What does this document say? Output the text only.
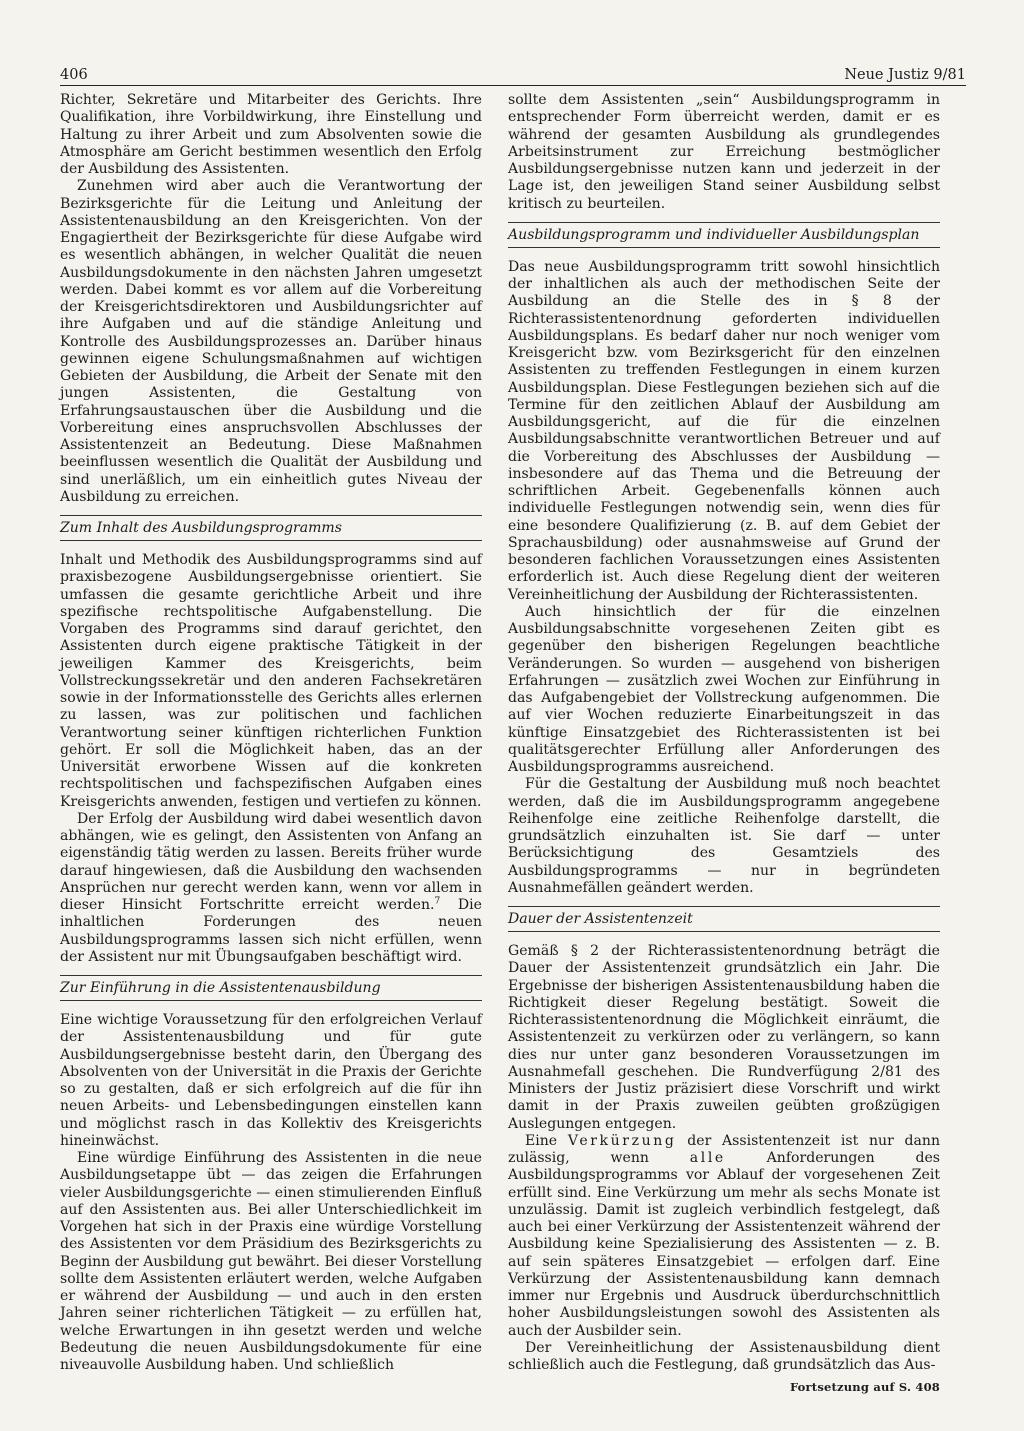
406	Neue Justiz 9/81

Richter, Sekretäre und Mitarbeiter des Gerichts. Ihre Qualifikation, ihre Vorbildwirkung, ihre Einstellung und Haltung zu ihrer Arbeit und zum Absolventen sowie die Atmosphäre am Gericht bestimmen wesentlich den Erfolg der Ausbildung des Assistenten.

Zunehmen wird aber auch die Verantwortung der Bezirksgerichte für die Leitung und Anleitung der Assistentenausbildung an den Kreisgerichten. Von der Engagiertheit der Bezirksgerichte für diese Aufgabe wird es wesentlich abhängen, in welcher Qualität die neuen Ausbildungsdokumente in den nächsten Jahren umgesetzt werden. Dabei kommt es vor allem auf die Vorbereitung der Kreisgerichtsdirektoren und Ausbildungsrichter auf ihre Aufgaben und auf die ständige Anleitung und Kontrolle des Ausbildungsprozesses an. Darüber hinaus gewinnen eigene Schulungsmaßnahmen auf wichtigen Gebieten der Ausbildung, die Arbeit der Senate mit den jungen Assistenten, die Gestaltung von Erfahrungsaustauschen über die Ausbildung und die Vorbereitung eines anspruchsvollen Abschlusses der Assistentenzeit an Bedeutung. Diese Maßnahmen beeinflussen wesentlich die Qualität der Ausbildung und sind unerläßlich, um ein einheitlich gutes Niveau der Ausbildung zu erreichen.

Zum Inhalt des Ausbildungsprogramms

Inhalt und Methodik des Ausbildungsprogramms sind auf praxisbezogene Ausbildungsergebnisse orientiert. Sie umfassen die gesamte gerichtliche Arbeit und ihre spezifische rechtspolitische Aufgabenstellung. Die Vorgaben des Programms sind darauf gerichtet, den Assistenten durch eigene praktische Tätigkeit in der jeweiligen Kammer des Kreisgerichts, beim Vollstreckungssekretär und den anderen Fachsekretären sowie in der Informationsstelle des Gerichts alles erlernen zu lassen, was zur politischen und fachlichen Verantwortung seiner künftigen richterlichen Funktion gehört. Er soll die Möglichkeit haben, das an der Universität erworbene Wissen auf die konkreten rechtspolitischen und fachspezifischen Aufgaben eines Kreisgerichts anwenden, festigen und vertiefen zu können.

Der Erfolg der Ausbildung wird dabei wesentlich davon abhängen, wie es gelingt, den Assistenten von Anfang an eigenständig tätig werden zu lassen. Bereits früher wurde darauf hingewiesen, daß die Ausbildung den wachsenden Ansprüchen nur gerecht werden kann, wenn vor allem in dieser Hinsicht Fortschritte erreicht werden.$^7$ Die inhaltlichen Forderungen des neuen Ausbildungsprogramms lassen sich nicht erfüllen, wenn der Assistent nur mit Übungsaufgaben beschäftigt wird.

Zur Einführung in die Assistentenausbildung

Eine wichtige Voraussetzung für den erfolgreichen Verlauf der Assistentenausbildung und für gute Ausbildungsergebnisse besteht darin, den Übergang des Absolventen von der Universität in die Praxis der Gerichte so zu gestalten, daß er sich erfolgreich auf die für ihn neuen Arbeits- und Lebensbedingungen einstellen kann und möglichst rasch in das Kollektiv des Kreisgerichts hineinwächst.

Eine würdige Einführung des Assistenten in die neue Ausbildungsetappe übt — das zeigen die Erfahrungen vieler Ausbildungsgerichte — einen stimulierenden Einfluß auf den Assistenten aus. Bei aller Unterschiedlichkeit im Vorgehen hat sich in der Praxis eine würdige Vorstellung des Assistenten vor dem Präsidium des Bezirksgerichts zu Beginn der Ausbildung gut bewährt. Bei dieser Vorstellung sollte dem Assistenten erläutert werden, welche Aufgaben er während der Ausbildung — und auch in den ersten Jahren seiner richterlichen Tätigkeit — zu erfüllen hat, welche Erwartungen in ihn gesetzt werden und welche Bedeutung die neuen Ausbildungsdokumente für eine niveauvolle Ausbildung haben. Und schließlich

sollte dem Assistenten „sein“ Ausbildungsprogramm in entsprechender Form überreicht werden, damit er es während der gesamten Ausbildung als grundlegendes Arbeitsinstrument zur Erreichung bestmöglicher Ausbildungsergebnisse nutzen kann und jederzeit in der Lage ist, den jeweiligen Stand seiner Ausbildung selbst kritisch zu beurteilen.

Ausbildungsprogramm und individueller Ausbildungsplan

Das neue Ausbildungsprogramm tritt sowohl hinsichtlich der inhaltlichen als auch der methodischen Seite der Ausbildung an die Stelle des in § 8 der Richterassistentenordnung geforderten individuellen Ausbildungsplans. Es bedarf daher nur noch weniger vom Kreisgericht bzw. vom Bezirksgericht für den einzelnen Assistenten zu treffenden Festlegungen in einem kurzen Ausbildungsplan. Diese Festlegungen beziehen sich auf die Termine für den zeitlichen Ablauf der Ausbildung am Ausbildungsgericht, auf die für die einzelnen Ausbildungsabschnitte verantwortlichen Betreuer und auf die Vorbereitung des Abschlusses der Ausbildung — insbesondere auf das Thema und die Betreuung der schriftlichen Arbeit. Gegebenenfalls können auch individuelle Festlegungen notwendig sein, wenn dies für eine besondere Qualifizierung (z. B. auf dem Gebiet der Sprachausbildung) oder ausnahmsweise auf Grund der besonderen fachlichen Voraussetzungen eines Assistenten erforderlich ist. Auch diese Regelung dient der weiteren Vereinheitlichung der Ausbildung der Richterassistenten.

Auch hinsichtlich der für die einzelnen Ausbildungsabschnitte vorgesehenen Zeiten gibt es gegenüber den bisherigen Regelungen beachtliche Veränderungen. So wurden — ausgehend von bisherigen Erfahrungen — zusätzlich zwei Wochen zur Einführung in das Aufgabengebiet der Vollstreckung aufgenommen. Die auf vier Wochen reduzierte Einarbeitungszeit in das künftige Einsatzgebiet des Richterassistenten ist bei qualitätsgerechter Erfüllung aller Anforderungen des Ausbildungsprogramms ausreichend.

Für die Gestaltung der Ausbildung muß noch beachtet werden, daß die im Ausbildungsprogramm angegebene Reihenfolge eine zeitliche Reihenfolge darstellt, die grundsätzlich einzuhalten ist. Sie darf — unter Berücksichtigung des Gesamtziels des Ausbildungsprogramms — nur in begründeten Ausnahmefällen geändert werden.

Dauer der Assistentenzeit

Gemäß § 2 der Richterassistentenordnung beträgt die Dauer der Assistentenzeit grundsätzlich ein Jahr. Die Ergebnisse der bisherigen Assistentenausbildung haben die Richtigkeit dieser Regelung bestätigt. Soweit die Richterassistentenordnung die Möglichkeit einräumt, die Assistentenzeit zu verkürzen oder zu verlängern, so kann dies nur unter ganz besonderen Voraussetzungen im Ausnahmefall geschehen. Die Rundverfügung 2/81 des Ministers der Justiz präzisiert diese Vorschrift und wirkt damit in der Praxis zuweilen geübten großzügigen Auslegungen entgegen.

Eine Verkürzung der Assistentenzeit ist nur dann zulässig, wenn alle Anforderungen des Ausbildungsprogramms vor Ablauf der vorgesehenen Zeit erfüllt sind. Eine Verkürzung um mehr als sechs Monate ist unzulässig. Damit ist zugleich verbindlich festgelegt, daß auch bei einer Verkürzung der Assistentenzeit während der Ausbildung keine Spezialisierung des Assistenten — z. B. auf sein späteres Einsatzgebiet — erfolgen darf. Eine Verkürzung der Assistentenausbildung kann demnach immer nur Ergebnis und Ausdruck überdurchschnittlich hoher Ausbildungsleistungen sowohl des Assistenten als auch der Ausbilder sein.

Der Vereinheitlichung der Assistenausbildung dient schließlich auch die Festlegung, daß grundsätzlich das Aus-

Fortsetzung auf S. 408
